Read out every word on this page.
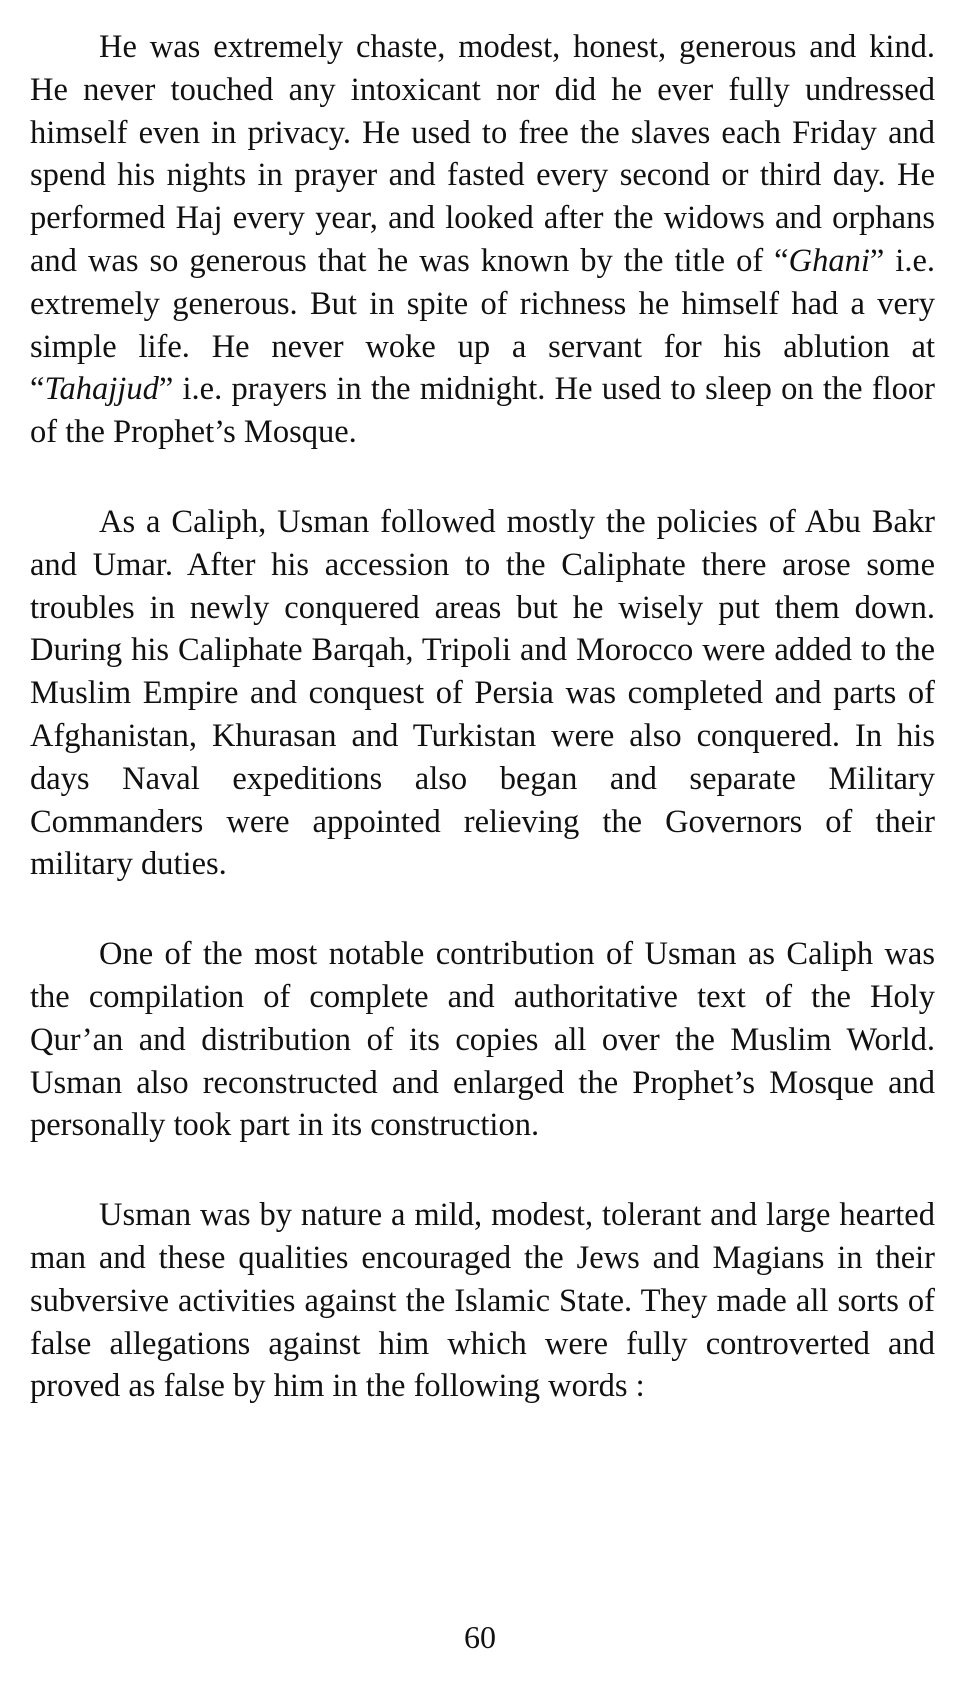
He was extremely chaste, modest, honest, generous and kind. He never touched any intoxicant nor did he ever fully undressed himself even in privacy. He used to free the slaves each Friday and spend his nights in prayer and fasted every second or third day. He performed Haj every year, and looked after the widows and orphans and was so generous that he was known by the title of “Ghani” i.e. extremely generous. But in spite of richness he himself had a very simple life. He never woke up a servant for his ablution at “Tahajjud” i.e. prayers in the midnight. He used to sleep on the floor of the Prophet’s Mosque.

As a Caliph, Usman followed mostly the policies of Abu Bakr and Umar. After his accession to the Caliphate there arose some troubles in newly conquered areas but he wisely put them down. During his Caliphate Barqah, Tripoli and Morocco were added to the Muslim Empire and conquest of Persia was completed and parts of Afghanistan, Khurasan and Turkistan were also conquered. In his days Naval expeditions also began and separate Military Commanders were appointed relieving the Governors of their military duties.

One of the most notable contribution of Usman as Caliph was the compilation of complete and authoritative text of the Holy Qur’an and distribution of its copies all over the Muslim World. Usman also reconstructed and enlarged the Prophet’s Mosque and personally took part in its construction.

Usman was by nature a mild, modest, tolerant and large hearted man and these qualities encouraged the Jews and Magians in their subversive activities against the Islamic State. They made all sorts of false allegations against him which were fully controverted and proved as false by him in the following words :

60
